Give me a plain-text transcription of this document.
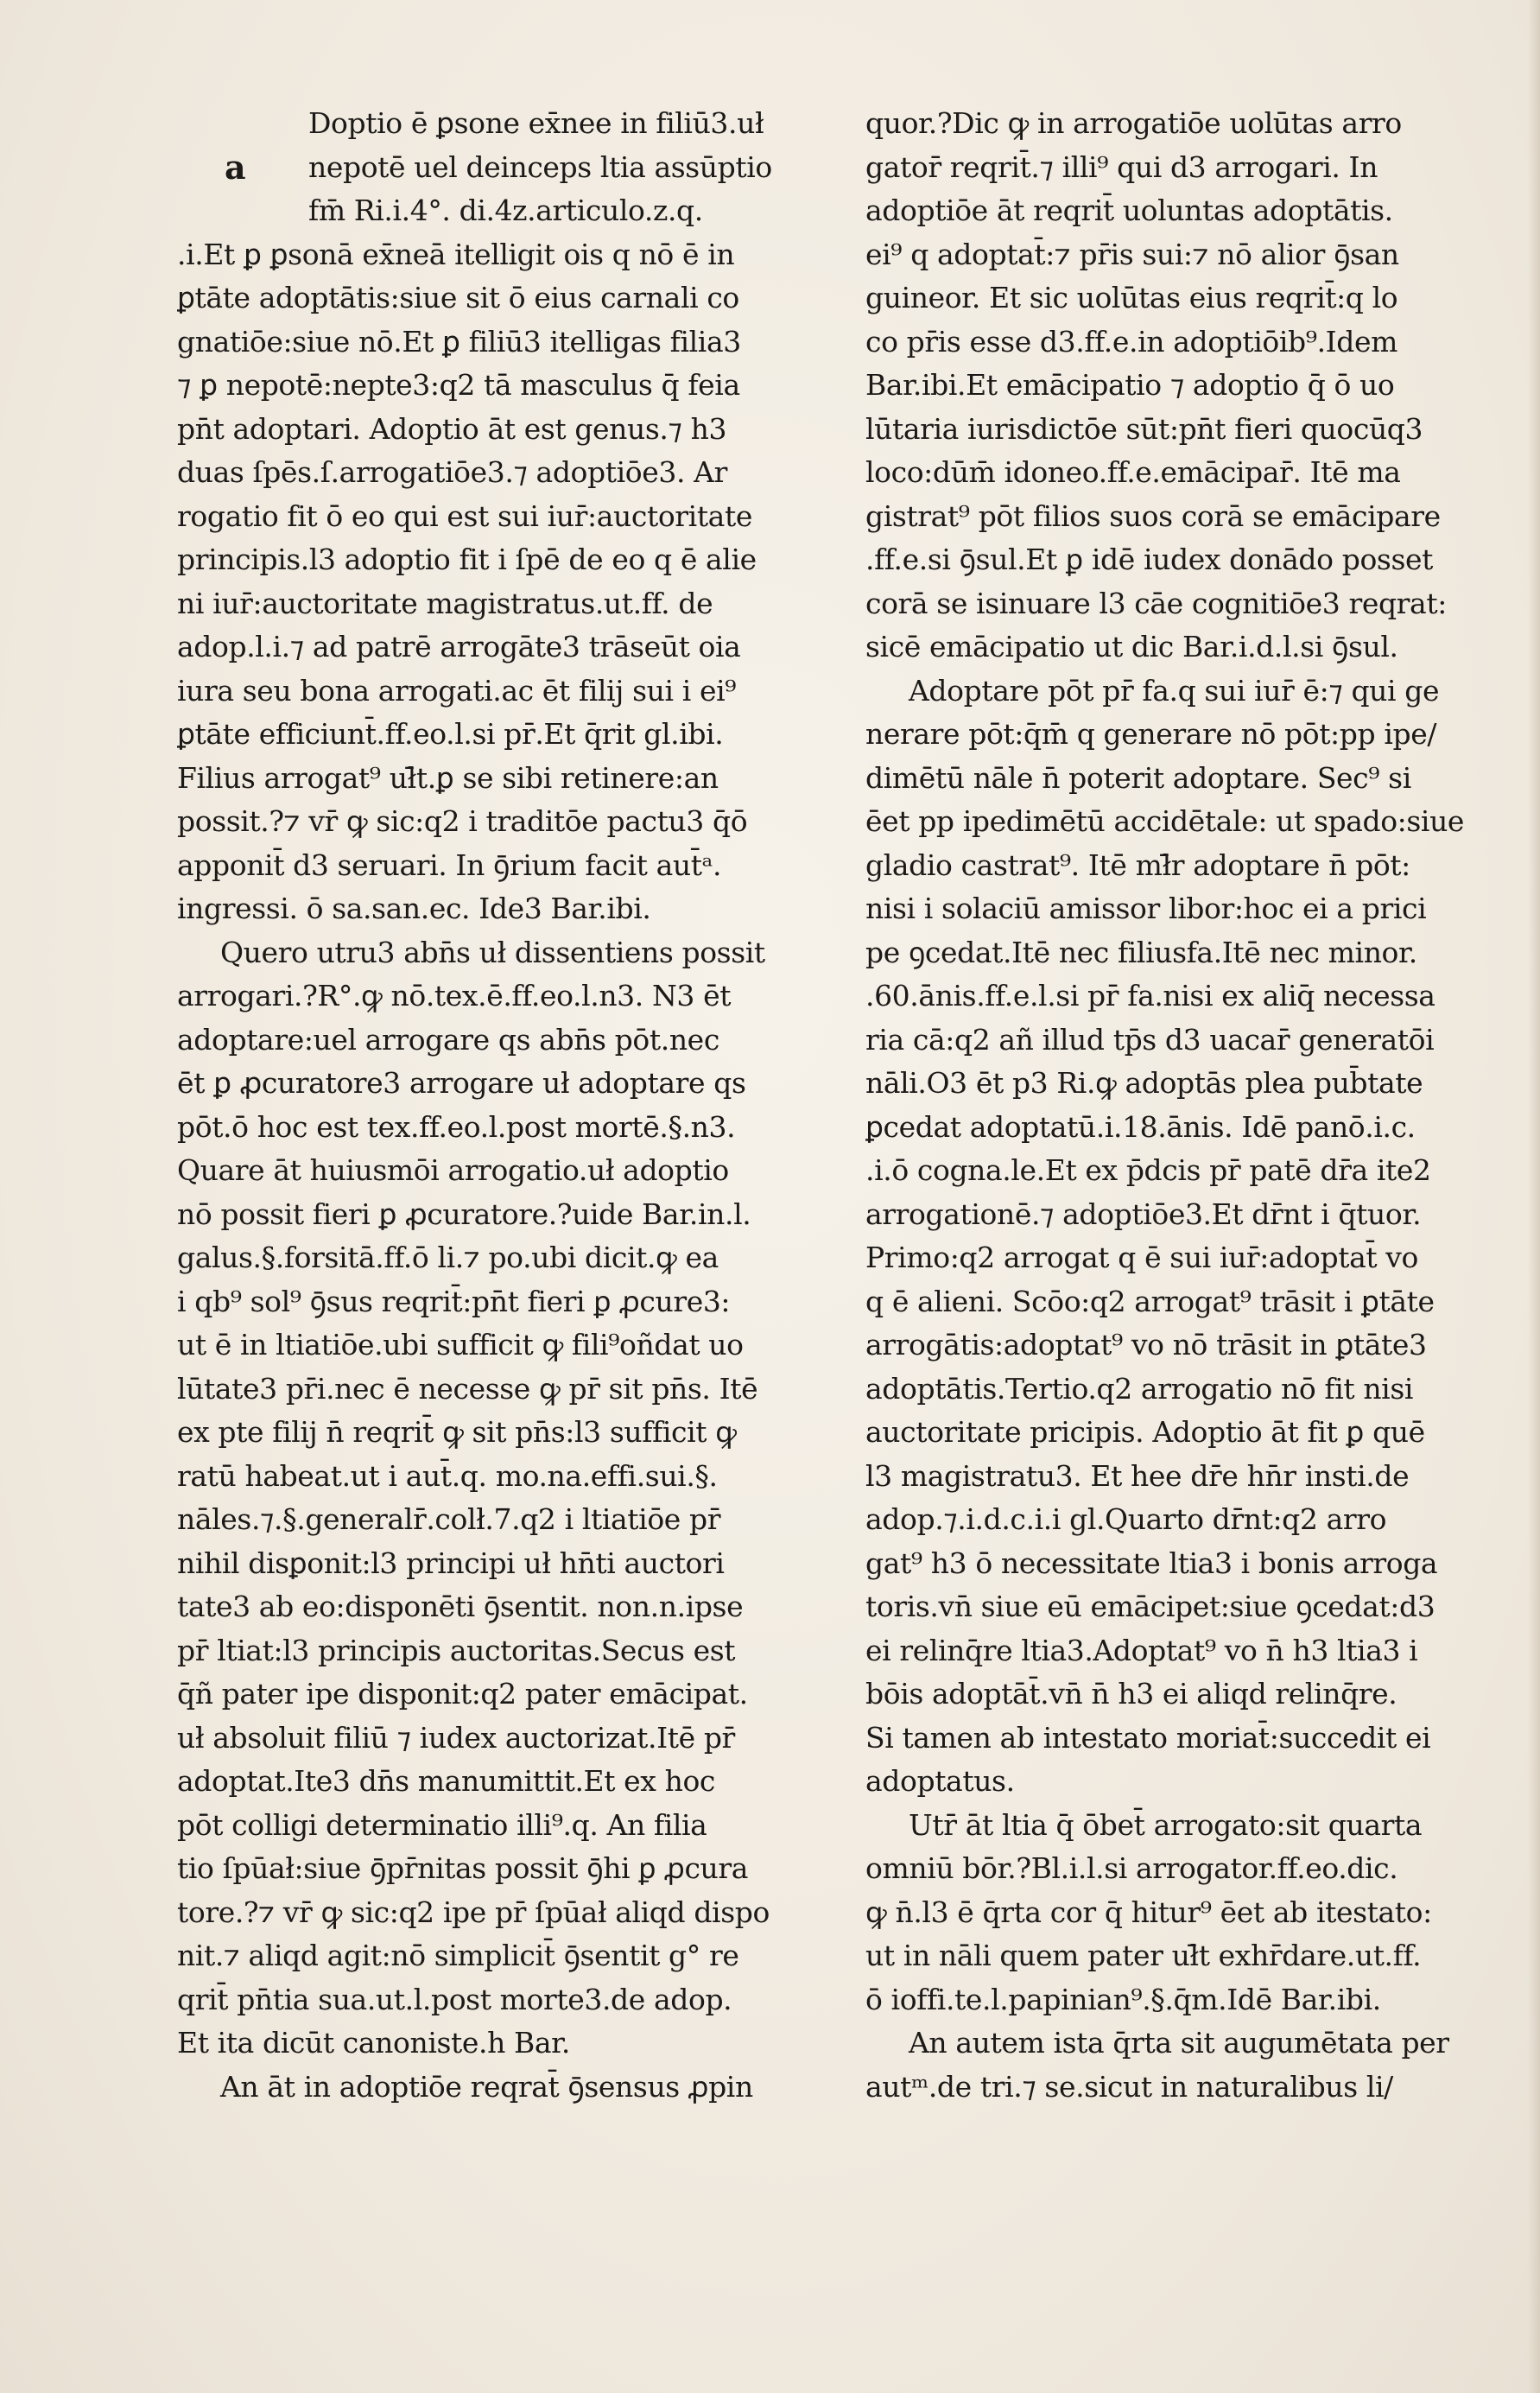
a
Doptio ē ꝑsone ex̄nee in filiū3.uł
nepotē uel deinceps ltia assūptio
fm̄ Ri.i.4°. di.4z.articulo.z.q.
.i.Et ꝑ ꝑsonā ex̄neā itelligit ois q nō ē in
ꝑtāte adoptātis:siue sit ō eius carnali co
gnatiōe:siue nō.Et ꝑ filiū3 itelligas filia3
⁊ ꝑ nepotē:nepte3:q2 tā masculus q̄ feia
pn̄t adoptari. Adoptio āt est genus.⁊ h3
duas ſpēs.ſ.arrogatiōe3.⁊ adoptiōe3. Ar
rogatio fit ō eo qui est sui iur̄:auctoritate
principis.l3 adoptio fit i ſpē de eo q ē alie
ni iur̄:auctoritate magistratus.ut.ff. de
adop.l.i.⁊ ad patrē arrogāte3 trāseūt oia
iura seu bona arrogati.ac ēt filij sui i ei⁹
ꝑtāte efficiunt̄.ff.eo.l.si pr̄.Et q̄rit gl.ibi.
Filius arrogat⁹ uł̄t.ꝑ se sibi retinere:an
possit.?⁊ vr̄ ꝙ sic:q2 i traditōe pactu3 q̄ō
apponit̄ d3 seruari. In ꝯ̄rium facit aut̄ᵃ.
ingressi. ō sa.san.ec. Ide3 Bar.ibi.
Quero utru3 abn̄s uł dissentiens possit
arrogari.?R°.ꝙ nō.tex.ē.ff.eo.l.n3. N3 ēt
adoptare:uel arrogare qs abn̄s pōt.nec
ēt ꝑ ꝓcuratore3 arrogare uł adoptare qs
pōt.ō hoc est tex.ff.eo.l.post mortē.§.n3.
Quare āt huiusmōi arrogatio.uł adoptio
nō possit fieri ꝑ ꝓcuratore.?uide Bar.in.l.
galus.§.forsitā.ff.ō li.⁊ po.ubi dicit.ꝙ ea
i qb⁹ sol⁹ ꝯ̄sus reqrit̄:pn̄t fieri ꝑ ꝓcure3:
ut ē in ltiatiōe.ubi sufficit ꝙ fili⁹oñdat uo
lūtate3 pr̄i.nec ē necesse ꝙ pr̄ sit pn̄s. Itē
ex pte filij n̄ reqrit̄ ꝙ sit pn̄s:l3 sufficit ꝙ
ratū habeat.ut i aut̄.q. mo.na.effi.sui.§.
nāles.⁊.§.generalr̄.colł.7.q2 i ltiatiōe pr̄
nihil disꝑonit:l3 principi uł hn̄ti auctori
tate3 ab eo:disponēti ꝯ̄sentit. non.n.ipse
pr̄ ltiat:l3 principis auctoritas.Secus est
q̄ñ pater ipe disponit:q2 pater emācipat.
uł absoluit filiū ⁊ iudex auctorizat.Itē pr̄
adoptat.Ite3 dn̄s manumittit.Et ex hoc
pōt colligi determinatio illi⁹.q. An filia
tio ſpūał:siue ꝯ̄pr̄nitas possit ꝯ̄hi ꝑ ꝓcura
tore.?⁊ vr̄ ꝙ sic:q2 ipe pr̄ ſpūał aliqd dispo
nit.⁊ aliqd agit:nō simplicit̄ ꝯ̄sentit g° re
qrit̄ pn̄tia sua.ut.l.post morte3.de adop.
Et ita dicūt canoniste.h Bar.
An āt in adoptiōe reqrat̄ ꝯ̄sensus ꝓpin
quor.?Dic ꝙ in arrogatiōe uolūtas arro
gator̄ reqrit̄.⁊ illi⁹ qui d3 arrogari. In
adoptiōe āt reqrit̄ uoluntas adoptātis.
ei⁹ q adoptat̄:⁊ pr̄is sui:⁊ nō alior ꝯ̄san
guineor. Et sic uolūtas eius reqrit̄:q lo
co pr̄is esse d3.ff.e.in adoptiōib⁹.Idem
Bar.ibi.Et emācipatio ⁊ adoptio q̄ ō uo
lūtaria iurisdictōe sūt:pn̄t fieri quocūq3
loco:dūm̄ idoneo.ff.e.emācipar̄. Itē ma
gistrat⁹ pōt filios suos corā se emācipare
.ff.e.si ꝯ̄sul.Et ꝑ idē iudex donādo posset
corā se isinuare l3 cāe cognitiōe3 reqrat:
sicē emācipatio ut dic Bar.i.d.l.si ꝯ̄sul.
Adoptare pōt pr̄ fa.q sui iur̄ ē:⁊ qui ge
nerare pōt:q̄m̄ q generare nō pōt:pp ipe/
dimētū nāle n̄ poterit adoptare. Sec⁹ si
ēet pp ipedimētū accidētale: ut spado:siue
gladio castrat⁹. Itē mł̄r adoptare n̄ pōt:
nisi i solaciū amissor libor:hoc ei a prici
pe ꝯcedat.Itē nec filiusfa.Itē nec minor.
.60.ānis.ff.e.l.si pr̄ fa.nisi ex aliq̄ necessa
ria cā:q2 añ illud tp̄s d3 uacar̄ generatōi
nāli.O3 ēt p3 Ri.ꝙ adoptās plea pub̄tate
ꝑcedat adoptatū.i.18.ānis. Idē panō.i.c.
.i.ō cogna.le.Et ex p̄dcis pr̄ patē dr̄a ite2
arrogationē.⁊ adoptiōe3.Et dr̄nt i q̄tuor.
Primo:q2 arrogat q ē sui iur̄:adoptat̄ vo
q ē alieni. Scōo:q2 arrogat⁹ trāsit i ꝑtāte
arrogātis:adoptat⁹ vo nō trāsit in ꝑtāte3
adoptātis.Tertio.q2 arrogatio nō fit nisi
auctoritate pricipis. Adoptio āt fit ꝑ quē
l3 magistratu3. Et hee dr̄e hn̄r insti.de
adop.⁊.i.d.c.i.i gl.Quarto dr̄nt:q2 arro
gat⁹ h3 ō necessitate ltia3 i bonis arroga
toris.vn̄ siue eū emācipet:siue ꝯcedat:d3
ei relinq̄re ltia3.Adoptat⁹ vo n̄ h3 ltia3 i
bōis adoptāt̄.vn̄ n̄ h3 ei aliqd relinq̄re.
Si tamen ab intestato moriat̄:succedit ei
adoptatus.
Utr̄ āt ltia q̄ ōbet̄ arrogato:sit quarta
omniū bōr.?Bl.i.l.si arrogator.ff.eo.dic.
ꝙ n̄.l3 ē q̄rta cor q̄ hitur⁹ ēet ab itestato:
ut in nāli quem pater uł̄t exhr̄dare.ut.ff.
ō ioffi.te.l.papinian⁹.§.q̄m.Idē Bar.ibi.
An autem ista q̄rta sit augumētata per
autᵐ.de tri.⁊ se.sicut in naturalibus li/
